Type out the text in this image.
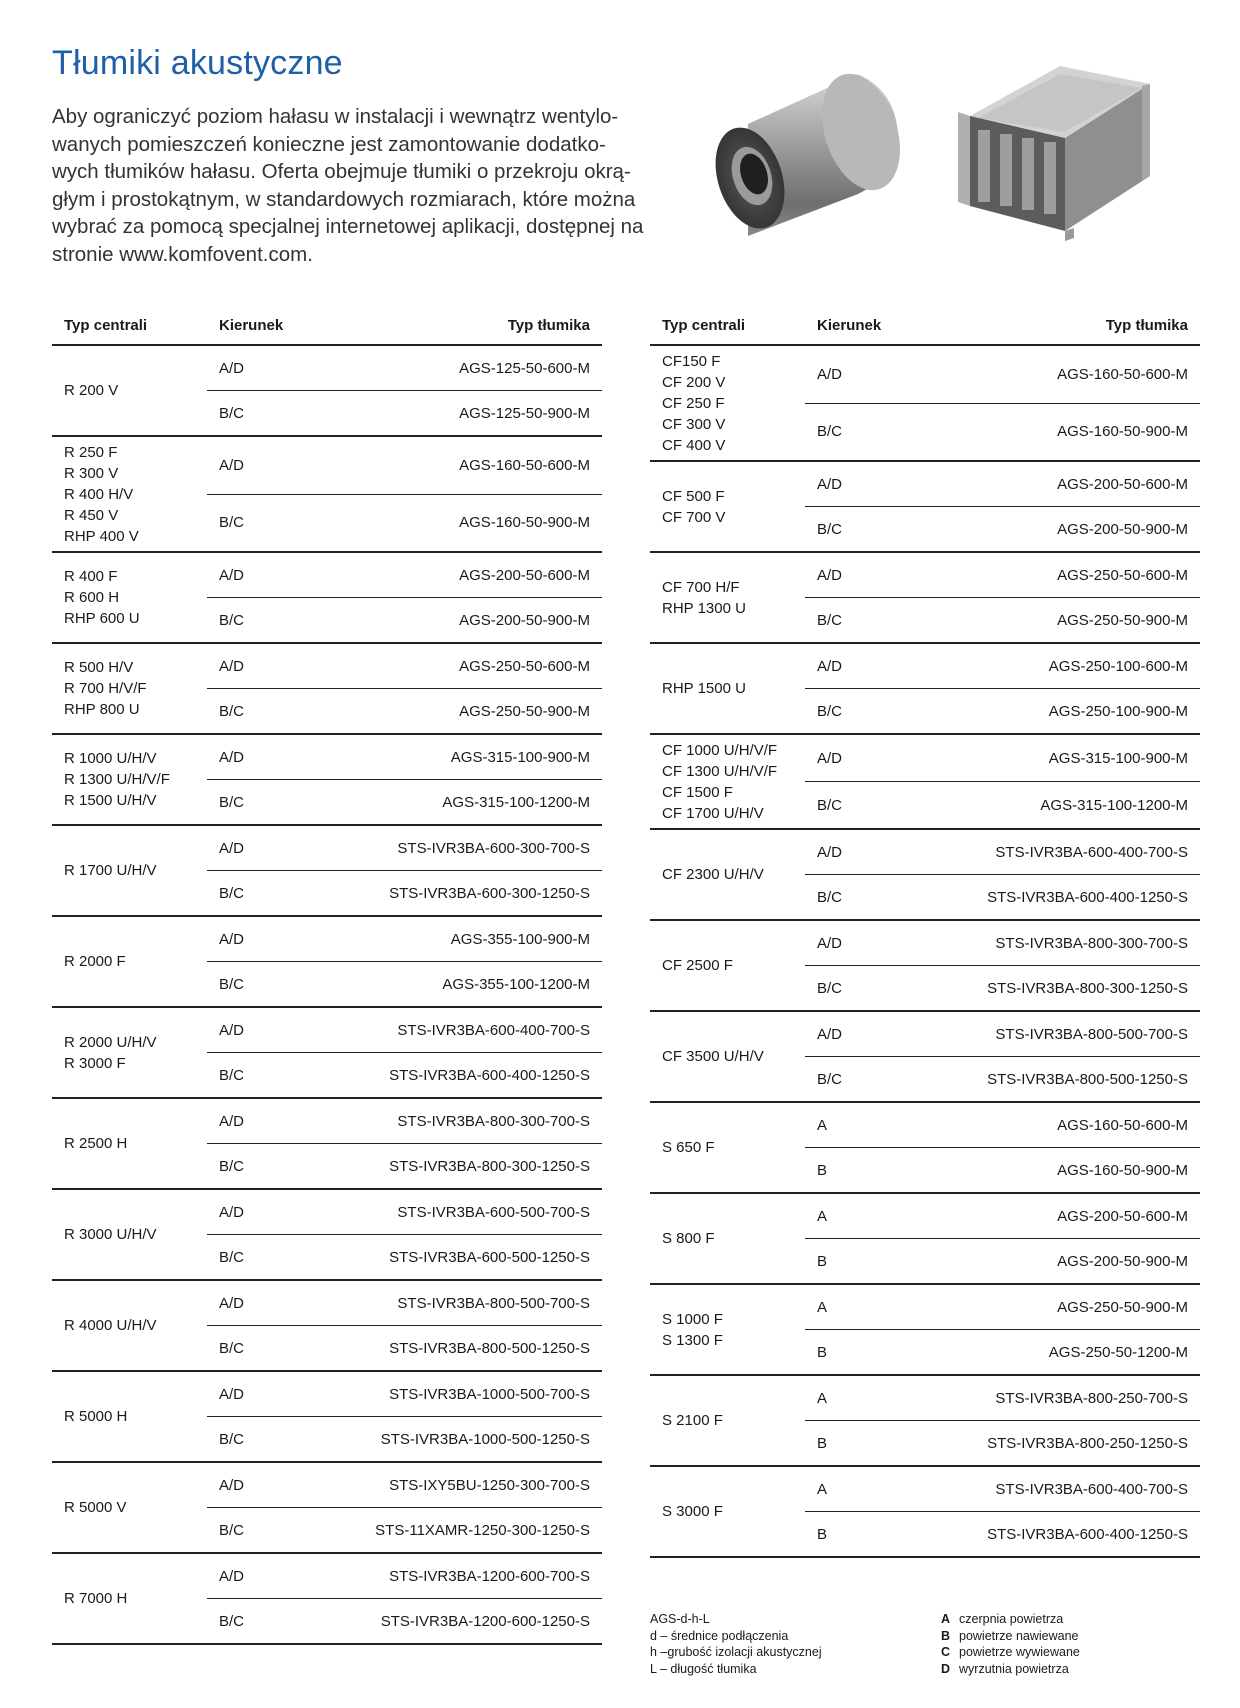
Tłumiki akustyczne

Aby ograniczyć poziom hałasu w instalacji i wewnątrz wentylo-
wanych pomieszczeń konieczne jest zamontowanie dodatko-
wych tłumików hałasu. Oferta obejmuje tłumiki o przekroju okrą-
głym i prostokątnym, w standardowych rozmiarach, które można
wybrać za pomocą specjalnej internetowej aplikacji, dostępnej na
stronie www.komfovent.com.

Typ centrali	Kierunek	Typ tłumika

R 200 V	A/D	AGS-125-50-600-M
	B/C	AGS-125-50-900-M

R 250 F
R 300 V
R 400 H/V
R 450 V
RHP 400 V	A/D	AGS-160-50-600-M
	B/C	AGS-160-50-900-M

R 400 F
R 600 H
RHP 600 U	A/D	AGS-200-50-600-M
	B/C	AGS-200-50-900-M

R 500 H/V
R 700 H/V/F
RHP 800 U	A/D	AGS-250-50-600-M
	B/C	AGS-250-50-900-M

R 1000 U/H/V
R 1300 U/H/V/F
R 1500 U/H/V	A/D	AGS-315-100-900-M
	B/C	AGS-315-100-1200-M

R 1700 U/H/V	A/D	STS-IVR3BA-600-300-700-S
	B/C	STS-IVR3BA-600-300-1250-S

R 2000 F	A/D	AGS-355-100-900-M
	B/C	AGS-355-100-1200-M

R 2000 U/H/V
R 3000 F	A/D	STS-IVR3BA-600-400-700-S
	B/C	STS-IVR3BA-600-400-1250-S

R 2500 H	A/D	STS-IVR3BA-800-300-700-S
	B/C	STS-IVR3BA-800-300-1250-S

R 3000 U/H/V	A/D	STS-IVR3BA-600-500-700-S
	B/C	STS-IVR3BA-600-500-1250-S

R 4000 U/H/V	A/D	STS-IVR3BA-800-500-700-S
	B/C	STS-IVR3BA-800-500-1250-S

R 5000 H	A/D	STS-IVR3BA-1000-500-700-S
	B/C	STS-IVR3BA-1000-500-1250-S

R 5000 V	A/D	STS-IXY5BU-1250-300-700-S
	B/C	STS-11XAMR-1250-300-1250-S

R 7000 H	A/D	STS-IVR3BA-1200-600-700-S
	B/C	STS-IVR3BA-1200-600-1250-S
Typ centrali	Kierunek	Typ tłumika

CF150 F
CF 200 V
CF 250 F
CF 300 V
CF 400 V	A/D	AGS-160-50-600-M
	B/C	AGS-160-50-900-M

CF 500 F
CF 700 V	A/D	AGS-200-50-600-M
	B/C	AGS-200-50-900-M

CF 700 H/F
RHP 1300 U	A/D	AGS-250-50-600-M
	B/C	AGS-250-50-900-M

RHP 1500 U	A/D	AGS-250-100-600-M
	B/C	AGS-250-100-900-M

CF 1000 U/H/V/F
CF 1300 U/H/V/F
CF 1500 F
CF 1700 U/H/V	A/D	AGS-315-100-900-M
	B/C	AGS-315-100-1200-M

CF 2300 U/H/V	A/D	STS-IVR3BA-600-400-700-S
	B/C	STS-IVR3BA-600-400-1250-S

CF 2500 F	A/D	STS-IVR3BA-800-300-700-S
	B/C	STS-IVR3BA-800-300-1250-S

CF 3500 U/H/V	A/D	STS-IVR3BA-800-500-700-S
	B/C	STS-IVR3BA-800-500-1250-S

S 650 F	A	AGS-160-50-600-M
	B	AGS-160-50-900-M

S 800 F	A	AGS-200-50-600-M
	B	AGS-200-50-900-M

S 1000 F
S 1300 F	A	AGS-250-50-900-M
	B	AGS-250-50-1200-M

S 2100 F	A	STS-IVR3BA-800-250-700-S
	B	STS-IVR3BA-800-250-1250-S

S 3000 F	A	STS-IVR3BA-600-400-700-S
	B	STS-IVR3BA-600-400-1250-S
AGS-d-h-L
d – średnice podłączenia
h –grubość izolacji akustycznej
L – długość tłumika
A czerpnia powietrza
B powietrze nawiewane
C powietrze wywiewane
D wyrzutnia powietrza
